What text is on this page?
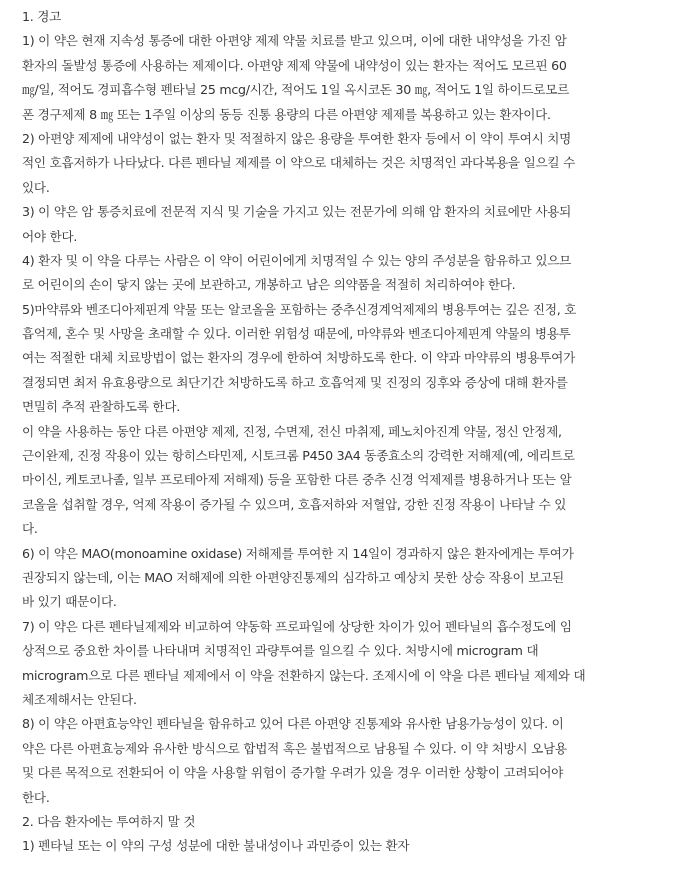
1. 경고
1) 이 약은 현재 지속성 통증에 대한 아편양 제제 약물 치료를 받고 있으며, 이에 대한 내약성을 가진 암
환자의 돌발성 통증에 사용하는 제제이다. 아편양 제제 약물에 내약성이 있는 환자는 적어도 모르핀 60
㎎/일, 적어도 경피흡수형 펜타닐 25 mcg/시간, 적어도 1일 옥시코돈 30 ㎎, 적어도 1일 하이드로모르
폰 경구제제 8 ㎎ 또는 1주일 이상의 동등 진통 용량의 다른 아편양 제제를 복용하고 있는 환자이다.
2) 아편양 제제에 내약성이 없는 환자 및 적절하지 않은 용량을 투여한 환자 등에서 이 약이 투여시 치명
적인 호흡저하가 나타났다. 다른 펜타닐 제제를 이 약으로 대체하는 것은 치명적인 과다복용을 일으킬 수
있다.
3) 이 약은 암 통증치료에 전문적 지식 및 기술을 가지고 있는 전문가에 의해 암 환자의 치료에만 사용되
어야 한다.
4) 환자 및 이 약을 다루는 사람은 이 약이 어린이에게 치명적일 수 있는 양의 주성분을 함유하고 있으므
로 어린이의 손이 닿지 않는 곳에 보관하고, 개봉하고 남은 의약품을 적절히 처리하여야 한다.
5)마약류와 벤조디아제핀계 약물 또는 알코올을 포함하는 중추신경계억제제의 병용투여는 깊은 진정, 호
흡억제, 혼수 및 사망을 초래할 수 있다. 이러한 위험성 때문에, 마약류와 벤조디아제핀계 약물의 병용투
여는 적절한 대체 치료방법이 없는 환자의 경우에 한하여 처방하도록 한다. 이 약과 마약류의 병용투여가
결정되면 최저 유효용량으로 최단기간 처방하도록 하고 호흡억제 및 진정의 징후와 증상에 대해 환자를
면밀히 추적 관찰하도록 한다.
이 약을 사용하는 동안 다른 아편양 제제, 진정, 수면제, 전신 마취제, 페노치아진계 약물, 정신 안정제,
근이완제, 진정 작용이 있는 항히스타민제, 시토크롬 P450 3A4 동종효소의 강력한 저해제(예, 에리트로
마이신, 케토코나졸, 일부 프로테아제 저해제) 등을 포함한 다른 중추 신경 억제제를 병용하거나 또는 알
코올을 섭취할 경우, 억제 작용이 증가될 수 있으며, 호흡저하와 저혈압, 강한 진정 작용이 나타날 수 있
다.
6) 이 약은 MAO(monoamine oxidase) 저해제를 투여한 지 14일이 경과하지 않은 환자에게는 투여가
권장되지 않는데, 이는 MAO 저해제에 의한 아편양진통제의 심각하고 예상치 못한 상승 작용이 보고된
바 있기 때문이다.
7) 이 약은 다른 펜타닐제제와 비교하여 약동학 프로파일에 상당한 차이가 있어 펜타닐의 흡수정도에 임
상적으로 중요한 차이를 나타내며 치명적인 과량투여를 일으킬 수 있다. 처방시에 microgram 대
microgram으로 다른 펜타닐 제제에서 이 약을 전환하지 않는다. 조제시에 이 약을 다른 펜타닐 제제와 대
체조제해서는 안된다.
8) 이 약은 아편효능약인 펜타닐을 함유하고 있어 다른 아편양 진통제와 유사한 남용가능성이 있다. 이
약은 다른 아편효능제와 유사한 방식으로 합법적 혹은 불법적으로 남용될 수 있다. 이 약 처방시 오남용
및 다른 목적으로 전환되어 이 약을 사용할 위험이 증가할 우려가 있을 경우 이러한 상황이 고려되어야
한다.
2. 다음 환자에는 투여하지 말 것
1) 펜타닐 또는 이 약의 구성 성분에 대한 불내성이나 과민증이 있는 환자
